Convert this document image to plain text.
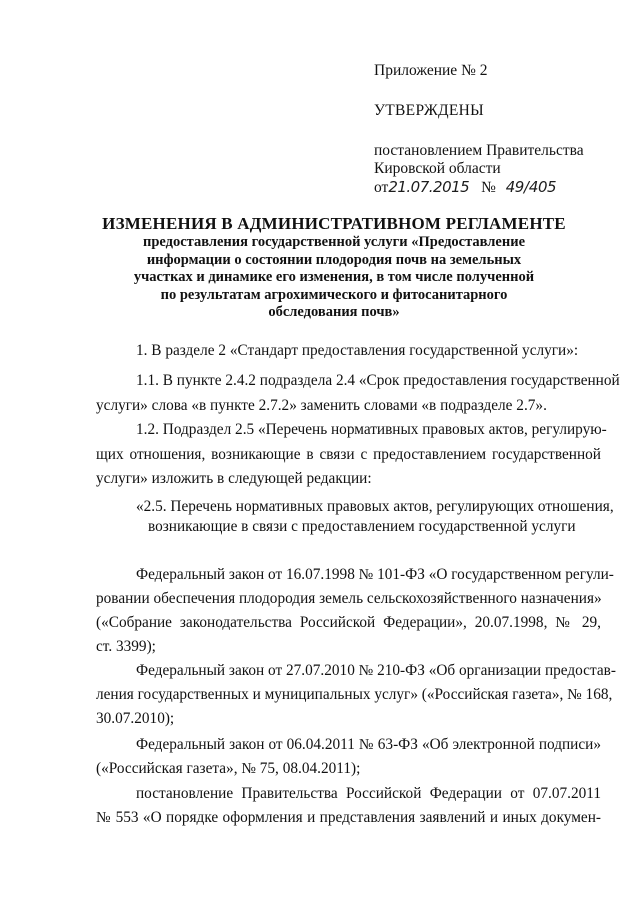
Приложение № 2
УТВЕРЖДЕНЫ
постановлением Правительства
Кировской области
от21.07.2015 № 49/405
ИЗМЕНЕНИЯ В АДМИНИСТРАТИВНОМ РЕГЛАМЕНТЕ
предоставления государственной услуги «Предоставление
информации о состоянии плодородия почв на земельных
участках и динамике его изменения, в том числе полученной
по результатам агрохимического и фитосанитарного
обследования почв»
1. В разделе 2 «Стандарт предоставления государственной услуги»:
1.1. В пункте 2.4.2 подраздела 2.4 «Срок предоставления государственной
услуги» слова «в пункте 2.7.2» заменить словами «в подразделе 2.7».
1.2. Подраздел 2.5 «Перечень нормативных правовых актов, регулирую-
щих отношения, возникающие в связи с предоставлением государственной
услуги» изложить в следующей редакции:
«2.5. Перечень нормативных правовых актов, регулирующих отношения,
возникающие в связи с предоставлением государственной услуги
Федеральный закон от 16.07.1998 № 101-ФЗ «О государственном регули-
ровании обеспечения плодородия земель сельскохозяйственного назначения»
(«Собрание законодательства Российской Федерации», 20.07.1998, № 29,
ст. 3399);
Федеральный закон от 27.07.2010 № 210-ФЗ «Об организации предостав-
ления государственных и муниципальных услуг» («Российская газета», № 168,
30.07.2010);
Федеральный закон от 06.04.2011 № 63-ФЗ «Об электронной подписи»
(«Российская газета», № 75, 08.04.2011);
постановление Правительства Российской Федерации от 07.07.2011
№ 553 «О порядке оформления и представления заявлений и иных докумен-
